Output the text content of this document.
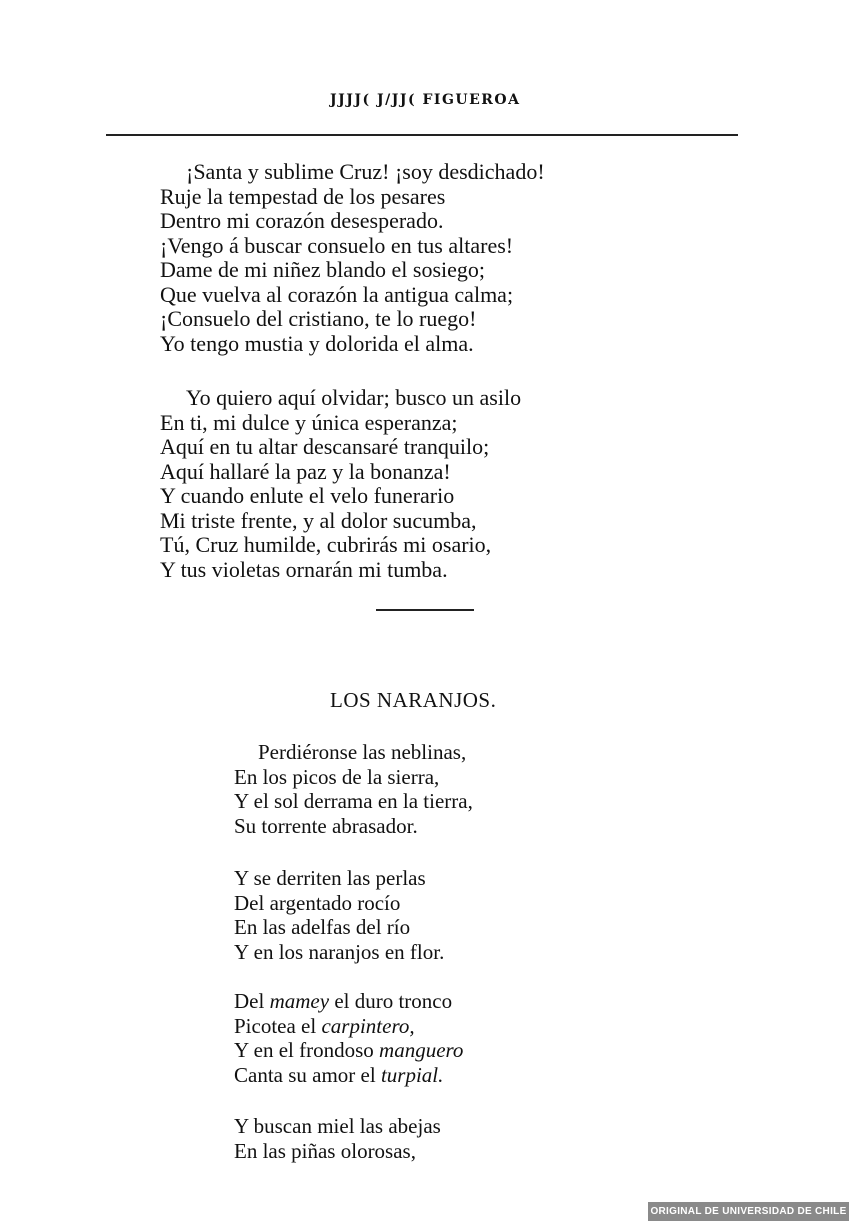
JJJJ( J/JJ( FIGUEROA
¡Santa y sublime Cruz! ¡soy desdichado!
Ruje la tempestad de los pesares
Dentro mi corazón desesperado.
¡Vengo á buscar consuelo en tus altares!
Dame de mi niñez blando el sosiego;
Que vuelva al corazón la antigua calma;
¡Consuelo del cristiano, te lo ruego!
Yo tengo mustia y dolorida el alma.
Yo quiero aquí olvidar; busco un asilo
En ti, mi dulce y única esperanza;
Aquí en tu altar descansaré tranquilo;
Aquí hallaré la paz y la bonanza!
Y cuando enlute el velo funerario
Mi triste frente, y al dolor sucumba,
Tú, Cruz humilde, cubrirás mi osario,
Y tus violetas ornarán mi tumba.
LOS NARANJOS.
Perdiéronse las neblinas,
En los picos de la sierra,
Y el sol derrama en la tierra,
Su torrente abrasador.
Y se derriten las perlas
Del argentado rocío
En las adelfas del río
Y en los naranjos en flor.
Del mamey el duro tronco
Picotea el carpintero,
Y en el frondoso manguero
Canta su amor el turpial.
Y buscan miel las abejas
En las piñas olorosas,
ORIGINAL DE UNIVERSIDAD DE CHILE
